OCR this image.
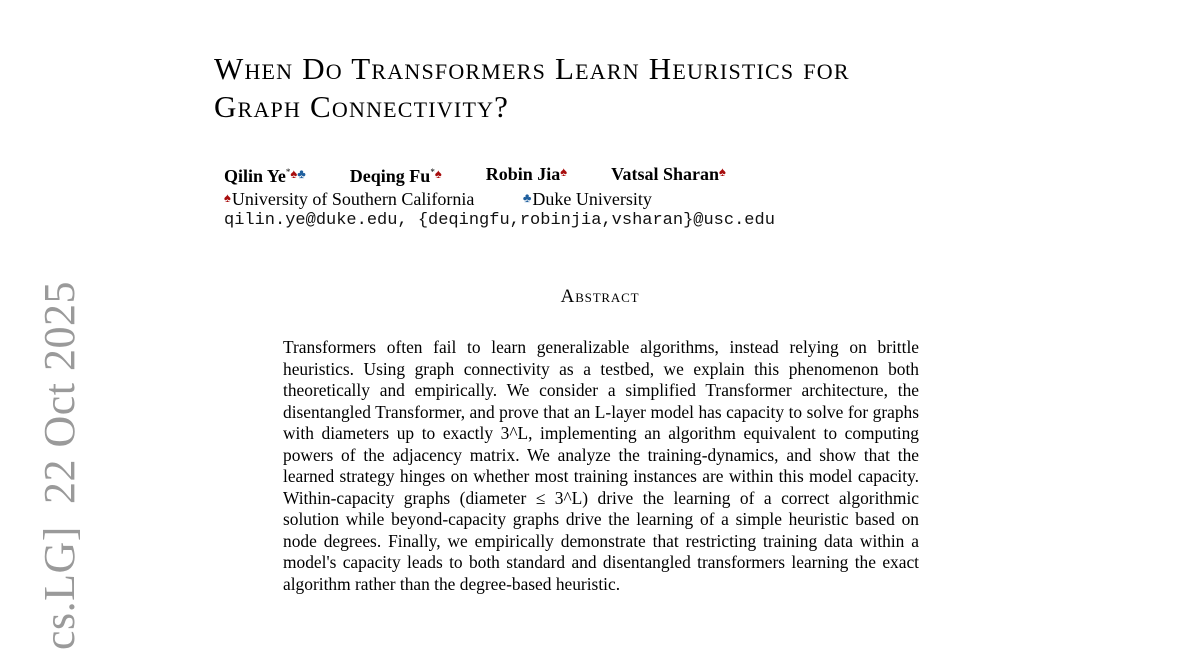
cs.LG]22 Oct 2025
When Do Transformers Learn Heuristics for
Graph Connectivity?
Qilin Ye*♠♣ Deqing Fu*♠ Robin Jia♠ Vatsal Sharan♠
♠University of Southern California	♣Duke University
qilin.ye@duke.edu, {deqingfu,robinjia,vsharan}@usc.edu
Abstract

Transformers often fail to learn generalizable algorithms, instead relying on brittle heuristics. Using graph connectivity as a testbed, we explain this phenomenon both theoretically and empirically. We consider a simplified Transformer architecture, the disentangled Transformer, and prove that an L-layer model has capacity to solve for graphs with diameters up to exactly 3^L, implementing an algorithm equivalent to computing powers of the adjacency matrix. We analyze the training-dynamics, and show that the learned strategy hinges on whether most training instances are within this model capacity. Within-capacity graphs (diameter ≤ 3^L) drive the learning of a correct algorithmic solution while beyond-capacity graphs drive the learning of a simple heuristic based on node degrees. Finally, we empirically demonstrate that restricting training data within a model's capacity leads to both standard and disentangled transformers learning the exact algorithm rather than the degree-based heuristic.
